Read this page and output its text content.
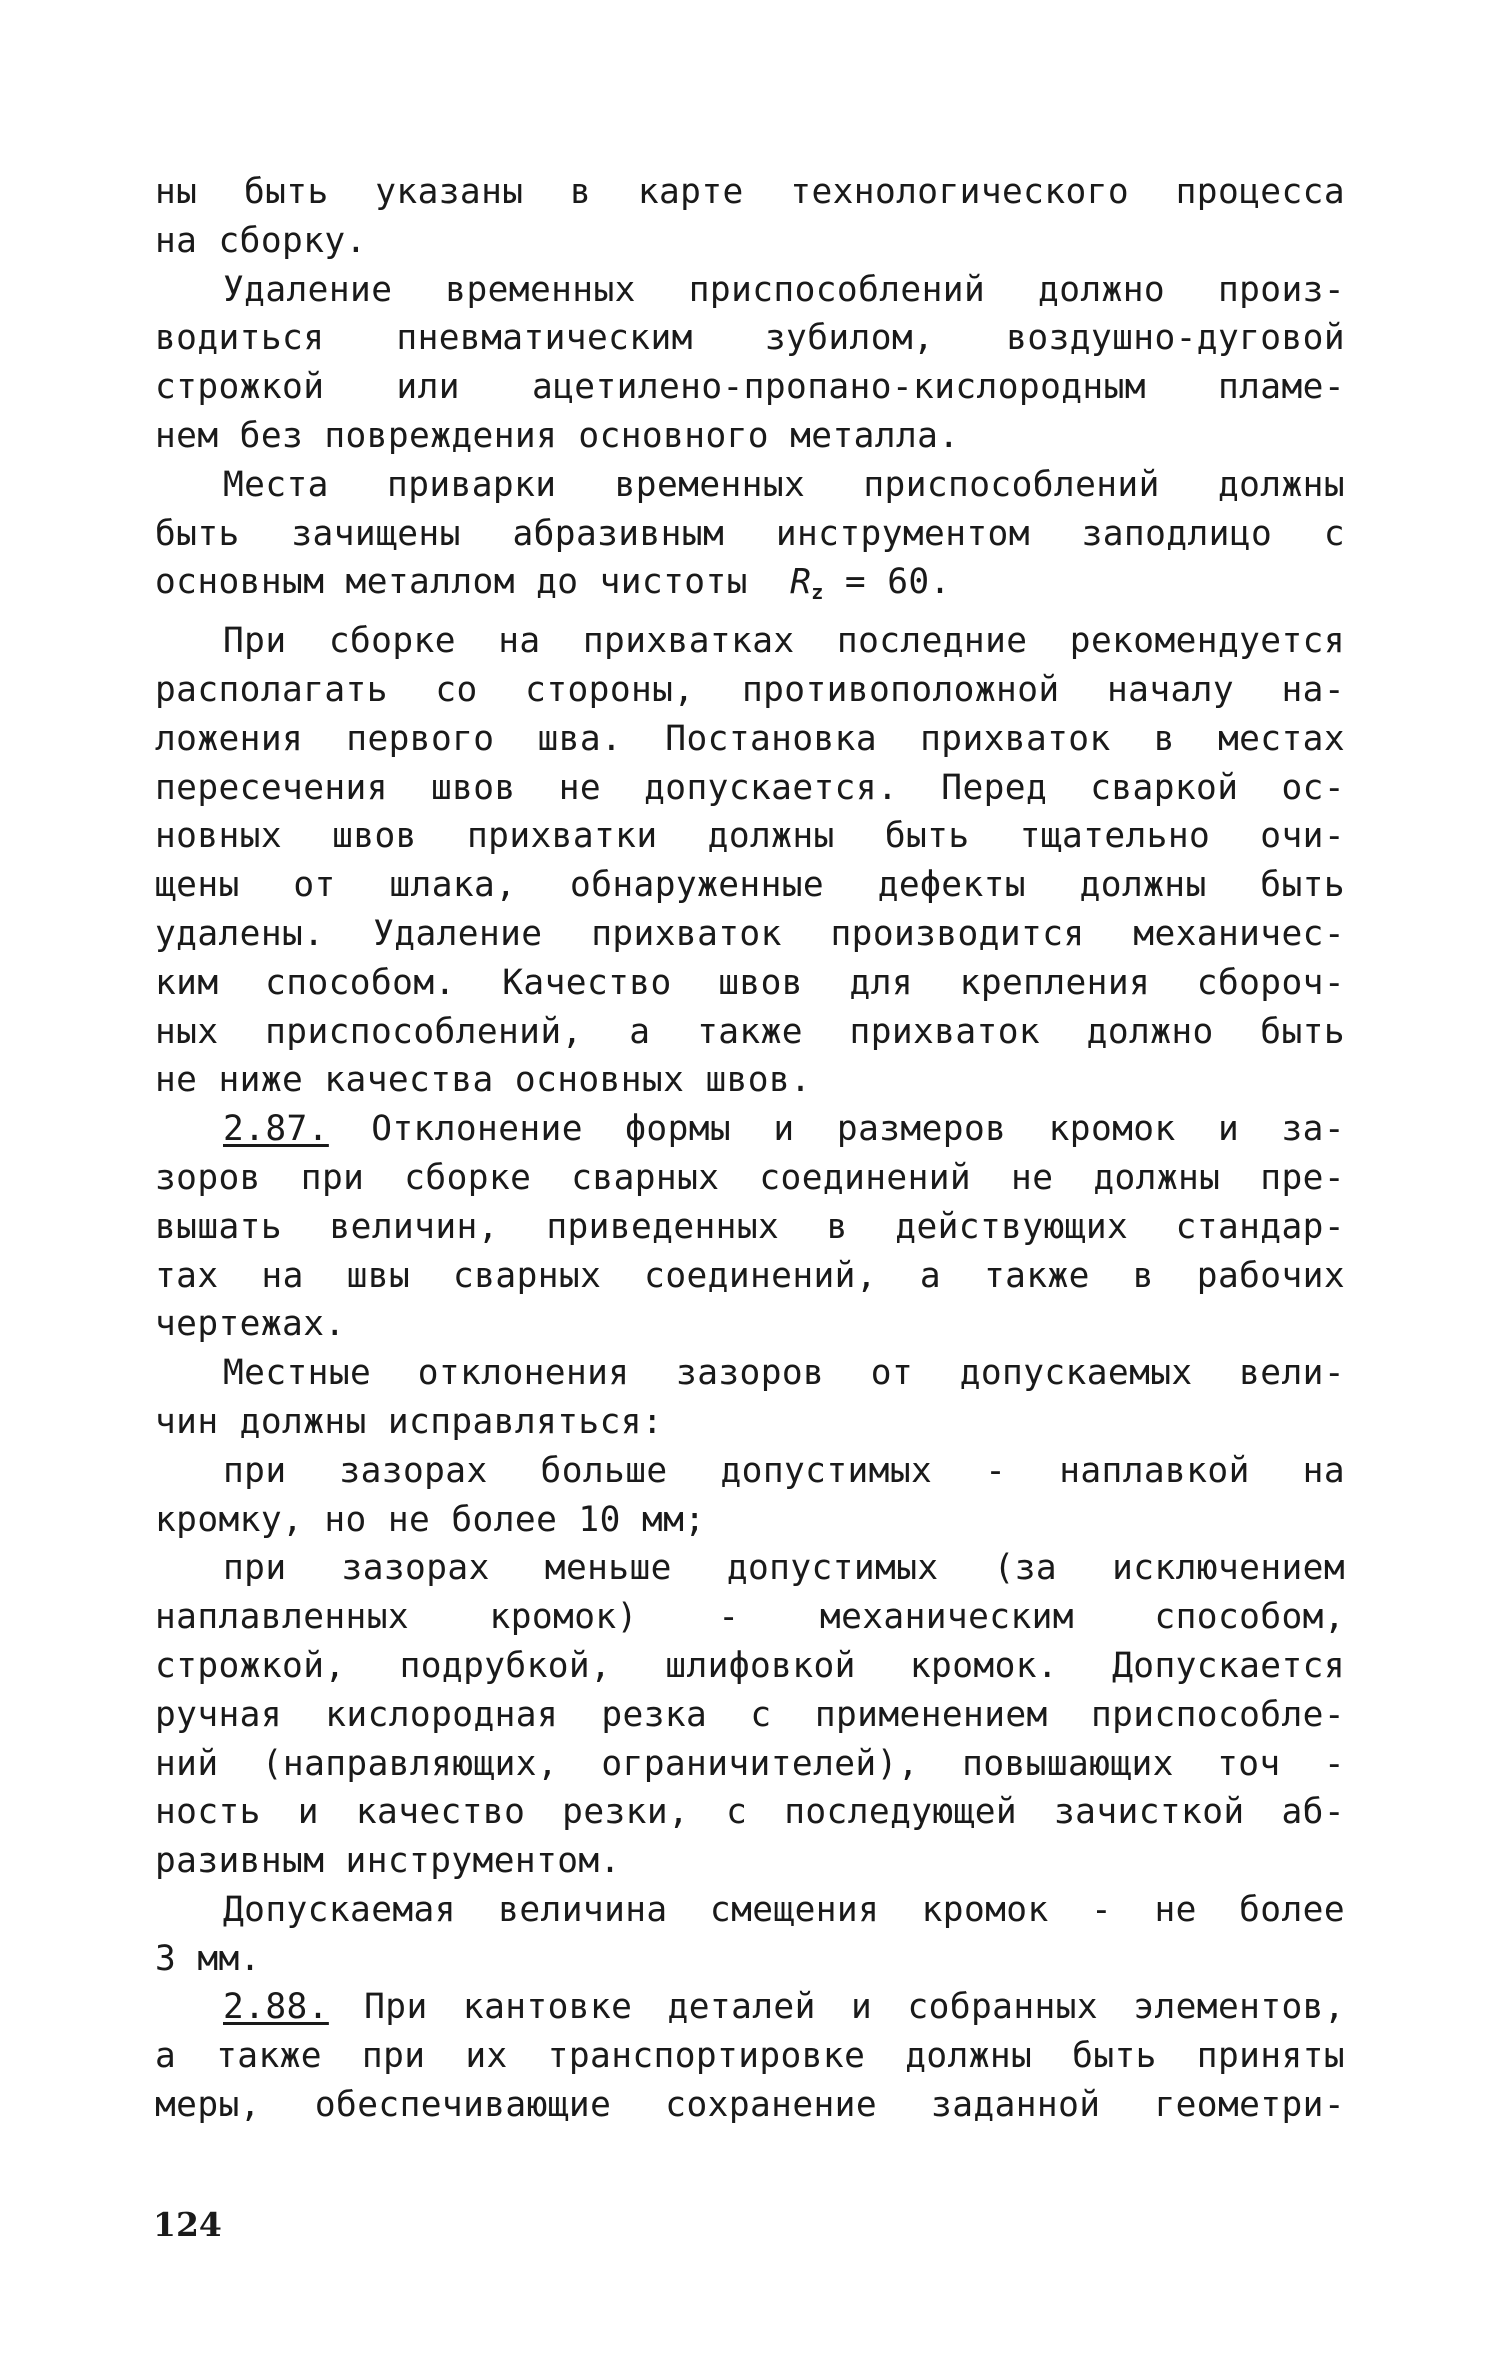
ны быть указаны в карте технологического процесса
на сборку.
Удаление временных приспособлений должно произ-
водиться пневматическим зубилом, воздушно-дуговой
строжкой или ацетилено-пропано-кислородным пламе-
нем без повреждения основного металла.
Места приварки временных приспособлений должны
быть зачищены абразивным инструментом заподлицо с
основным металлом до чистоты  $R_z = 60$.
При сборке на прихватках последние рекомендуется
располагать со стороны, противоположной началу на-
ложения первого шва. Постановка прихваток в местах
пересечения швов не допускается. Перед сваркой ос-
новных швов прихватки должны быть тщательно очи-
щены от шлака, обнаруженные дефекты должны быть
удалены. Удаление прихваток производится механичес-
ким способом. Качество швов для крепления сбороч-
ных приспособлений, а также прихваток должно быть
не ниже качества основных швов.
2.87. Отклонение формы и размеров кромок и за-
зоров при сборке сварных соединений не должны пре-
вышать величин, приведенных в действующих стандар-
тах на швы сварных соединений, а также в рабочих
чертежах.
Местные отклонения зазоров от допускаемых вели-
чин должны исправляться:
при зазорах больше допустимых - наплавкой на
кромку, но не более 10 мм;
при зазорах меньше допустимых (за исключением
наплавленных кромок) - механическим способом,
строжкой, подрубкой, шлифовкой кромок. Допускается
ручная кислородная резка с применением приспособле-
ний (направляющих, ограничителей), повышающих точ -
ность и качество резки, с последующей зачисткой аб-
разивным инструментом.
Допускаемая величина смещения кромок - не более
3 мм.
2.88. При кантовке деталей и собранных элементов,
а также при их транспортировке должны быть приняты
меры, обеспечивающие сохранение заданной геометри-
124
